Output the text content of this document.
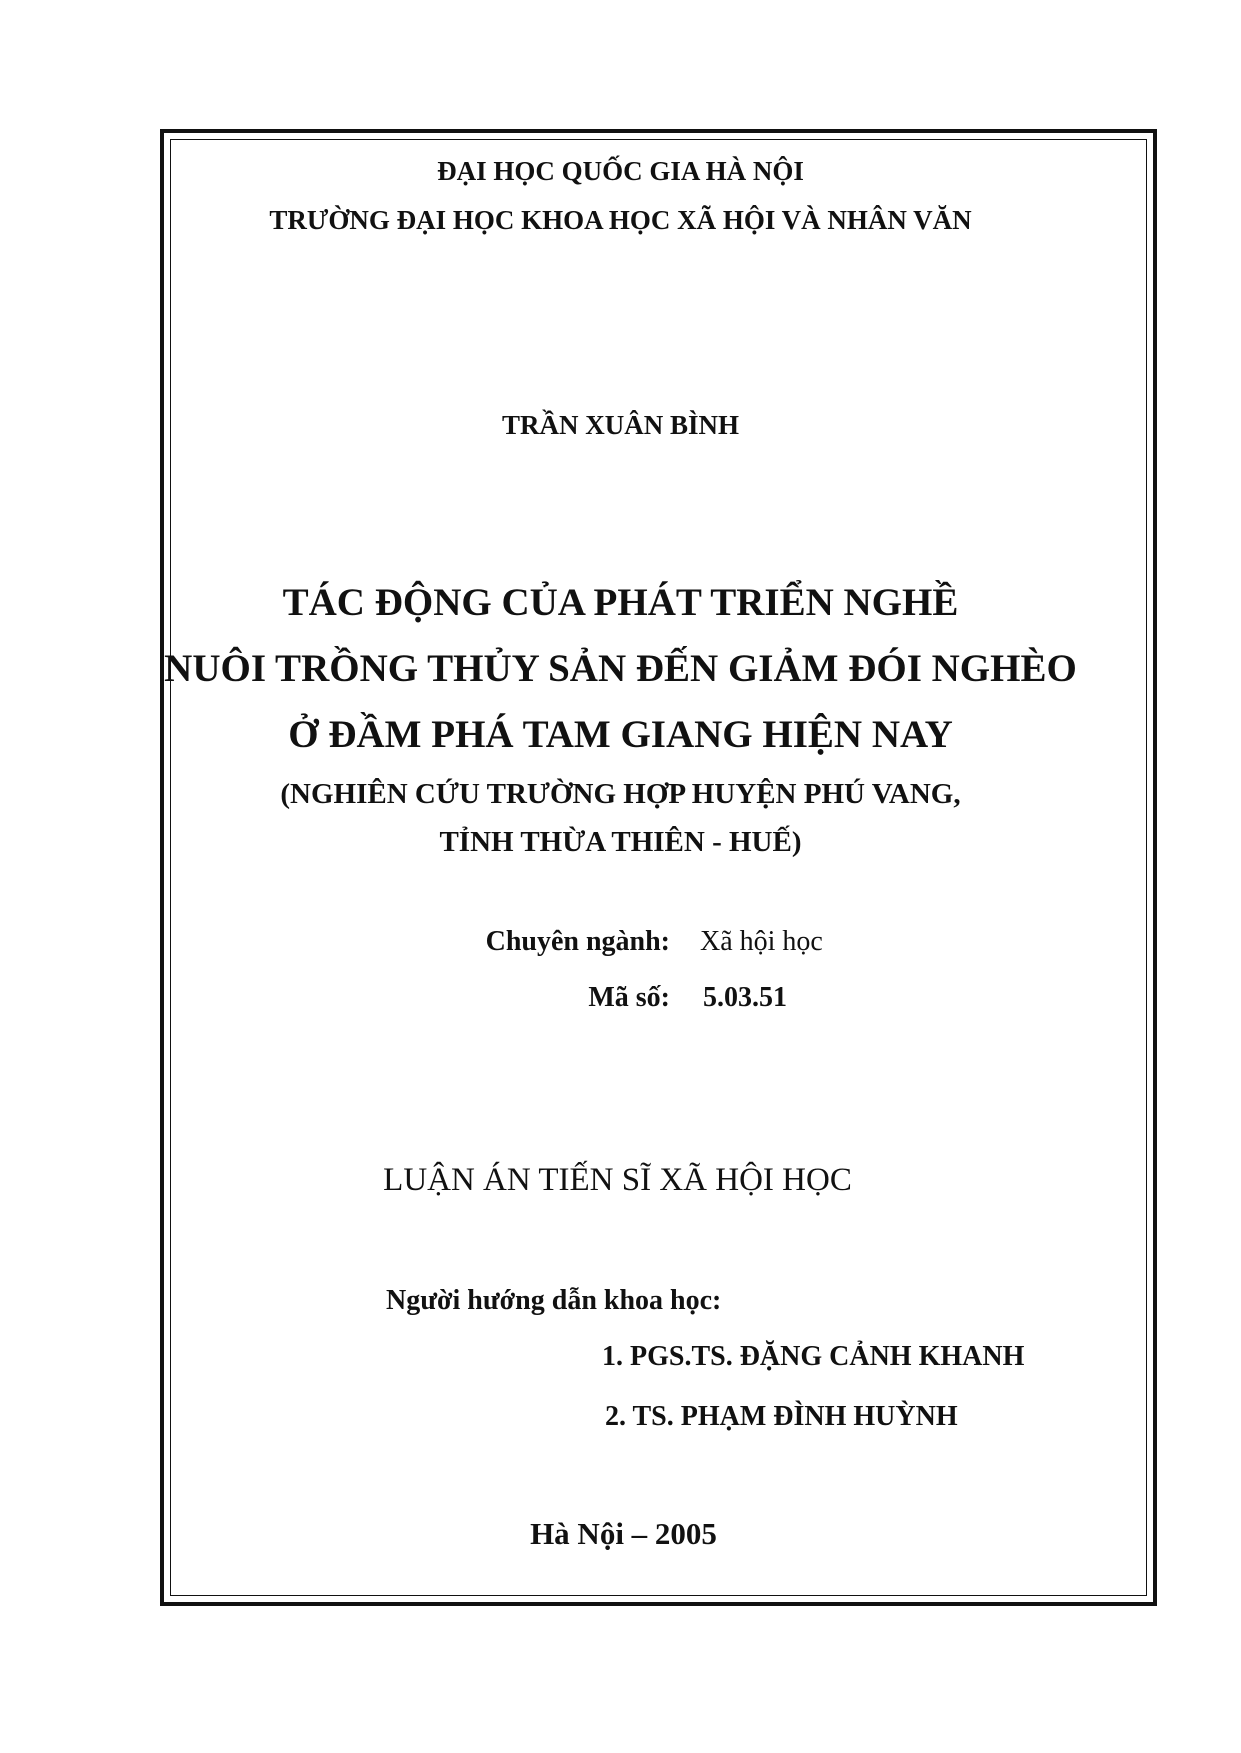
ĐẠI HỌC QUỐC GIA HÀ NỘI
TRƯỜNG ĐẠI HỌC KHOA HỌC XÃ HỘI VÀ NHÂN VĂN
TRẦN XUÂN BÌNH
TÁC ĐỘNG CỦA PHÁT TRIỂN NGHỀ
NUÔI TRỒNG THỦY SẢN ĐẾN GIẢM ĐÓI NGHÈO
Ở ĐẦM PHÁ TAM GIANG HIỆN NAY
(NGHIÊN CỨU TRƯỜNG HỢP HUYỆN PHÚ VANG,
TỈNH THỪA THIÊN - HUẾ)
Chuyên ngành: Xã hội học
Mã số: 5.03.51
LUẬN ÁN TIẾN SĨ XÃ HỘI HỌC
Người hướng dẫn khoa học:
1. PGS.TS. ĐẶNG CẢNH KHANH
2. TS. PHẠM ĐÌNH HUỲNH
Hà Nội – 2005
